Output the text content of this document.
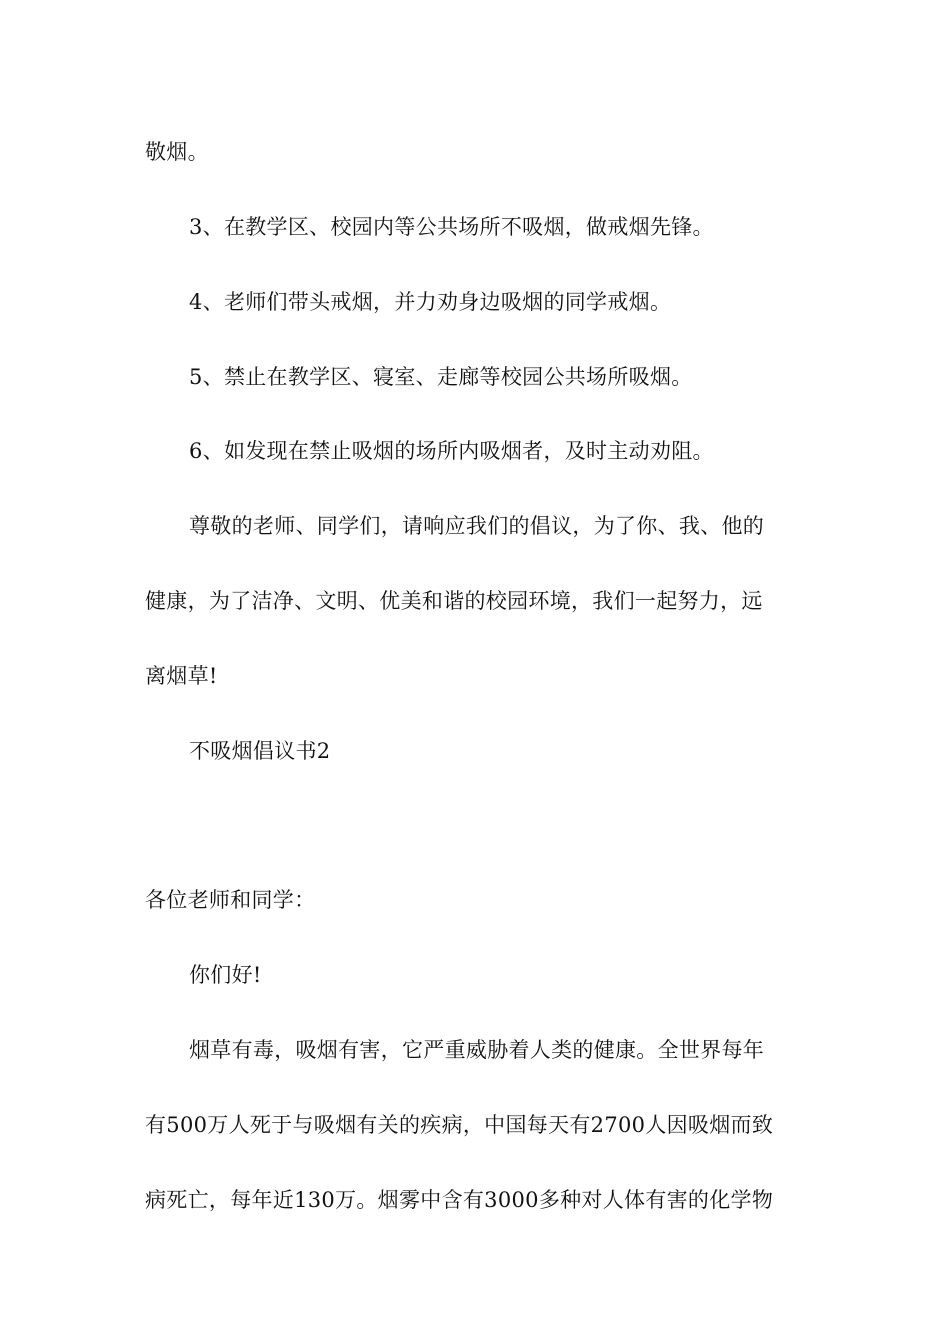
敬烟。
3、在教学区、校园内等公共场所不吸烟，做戒烟先锋。
4、老师们带头戒烟，并力劝身边吸烟的同学戒烟。
5、禁止在教学区、寝室、走廊等校园公共场所吸烟。
6、如发现在禁止吸烟的场所内吸烟者，及时主动劝阻。
尊敬的老师、同学们，请响应我们的倡议，为了你、我、他的
健康，为了洁净、文明、优美和谐的校园环境，我们一起努力，远
离烟草!
不吸烟倡议书2
各位老师和同学：
你们好!
烟草有毒，吸烟有害，它严重威胁着人类的健康。全世界每年
有500万人死于与吸烟有关的疾病，中国每天有2700人因吸烟而致
病死亡，每年近130万。烟雾中含有3000多种对人体有害的化学物
